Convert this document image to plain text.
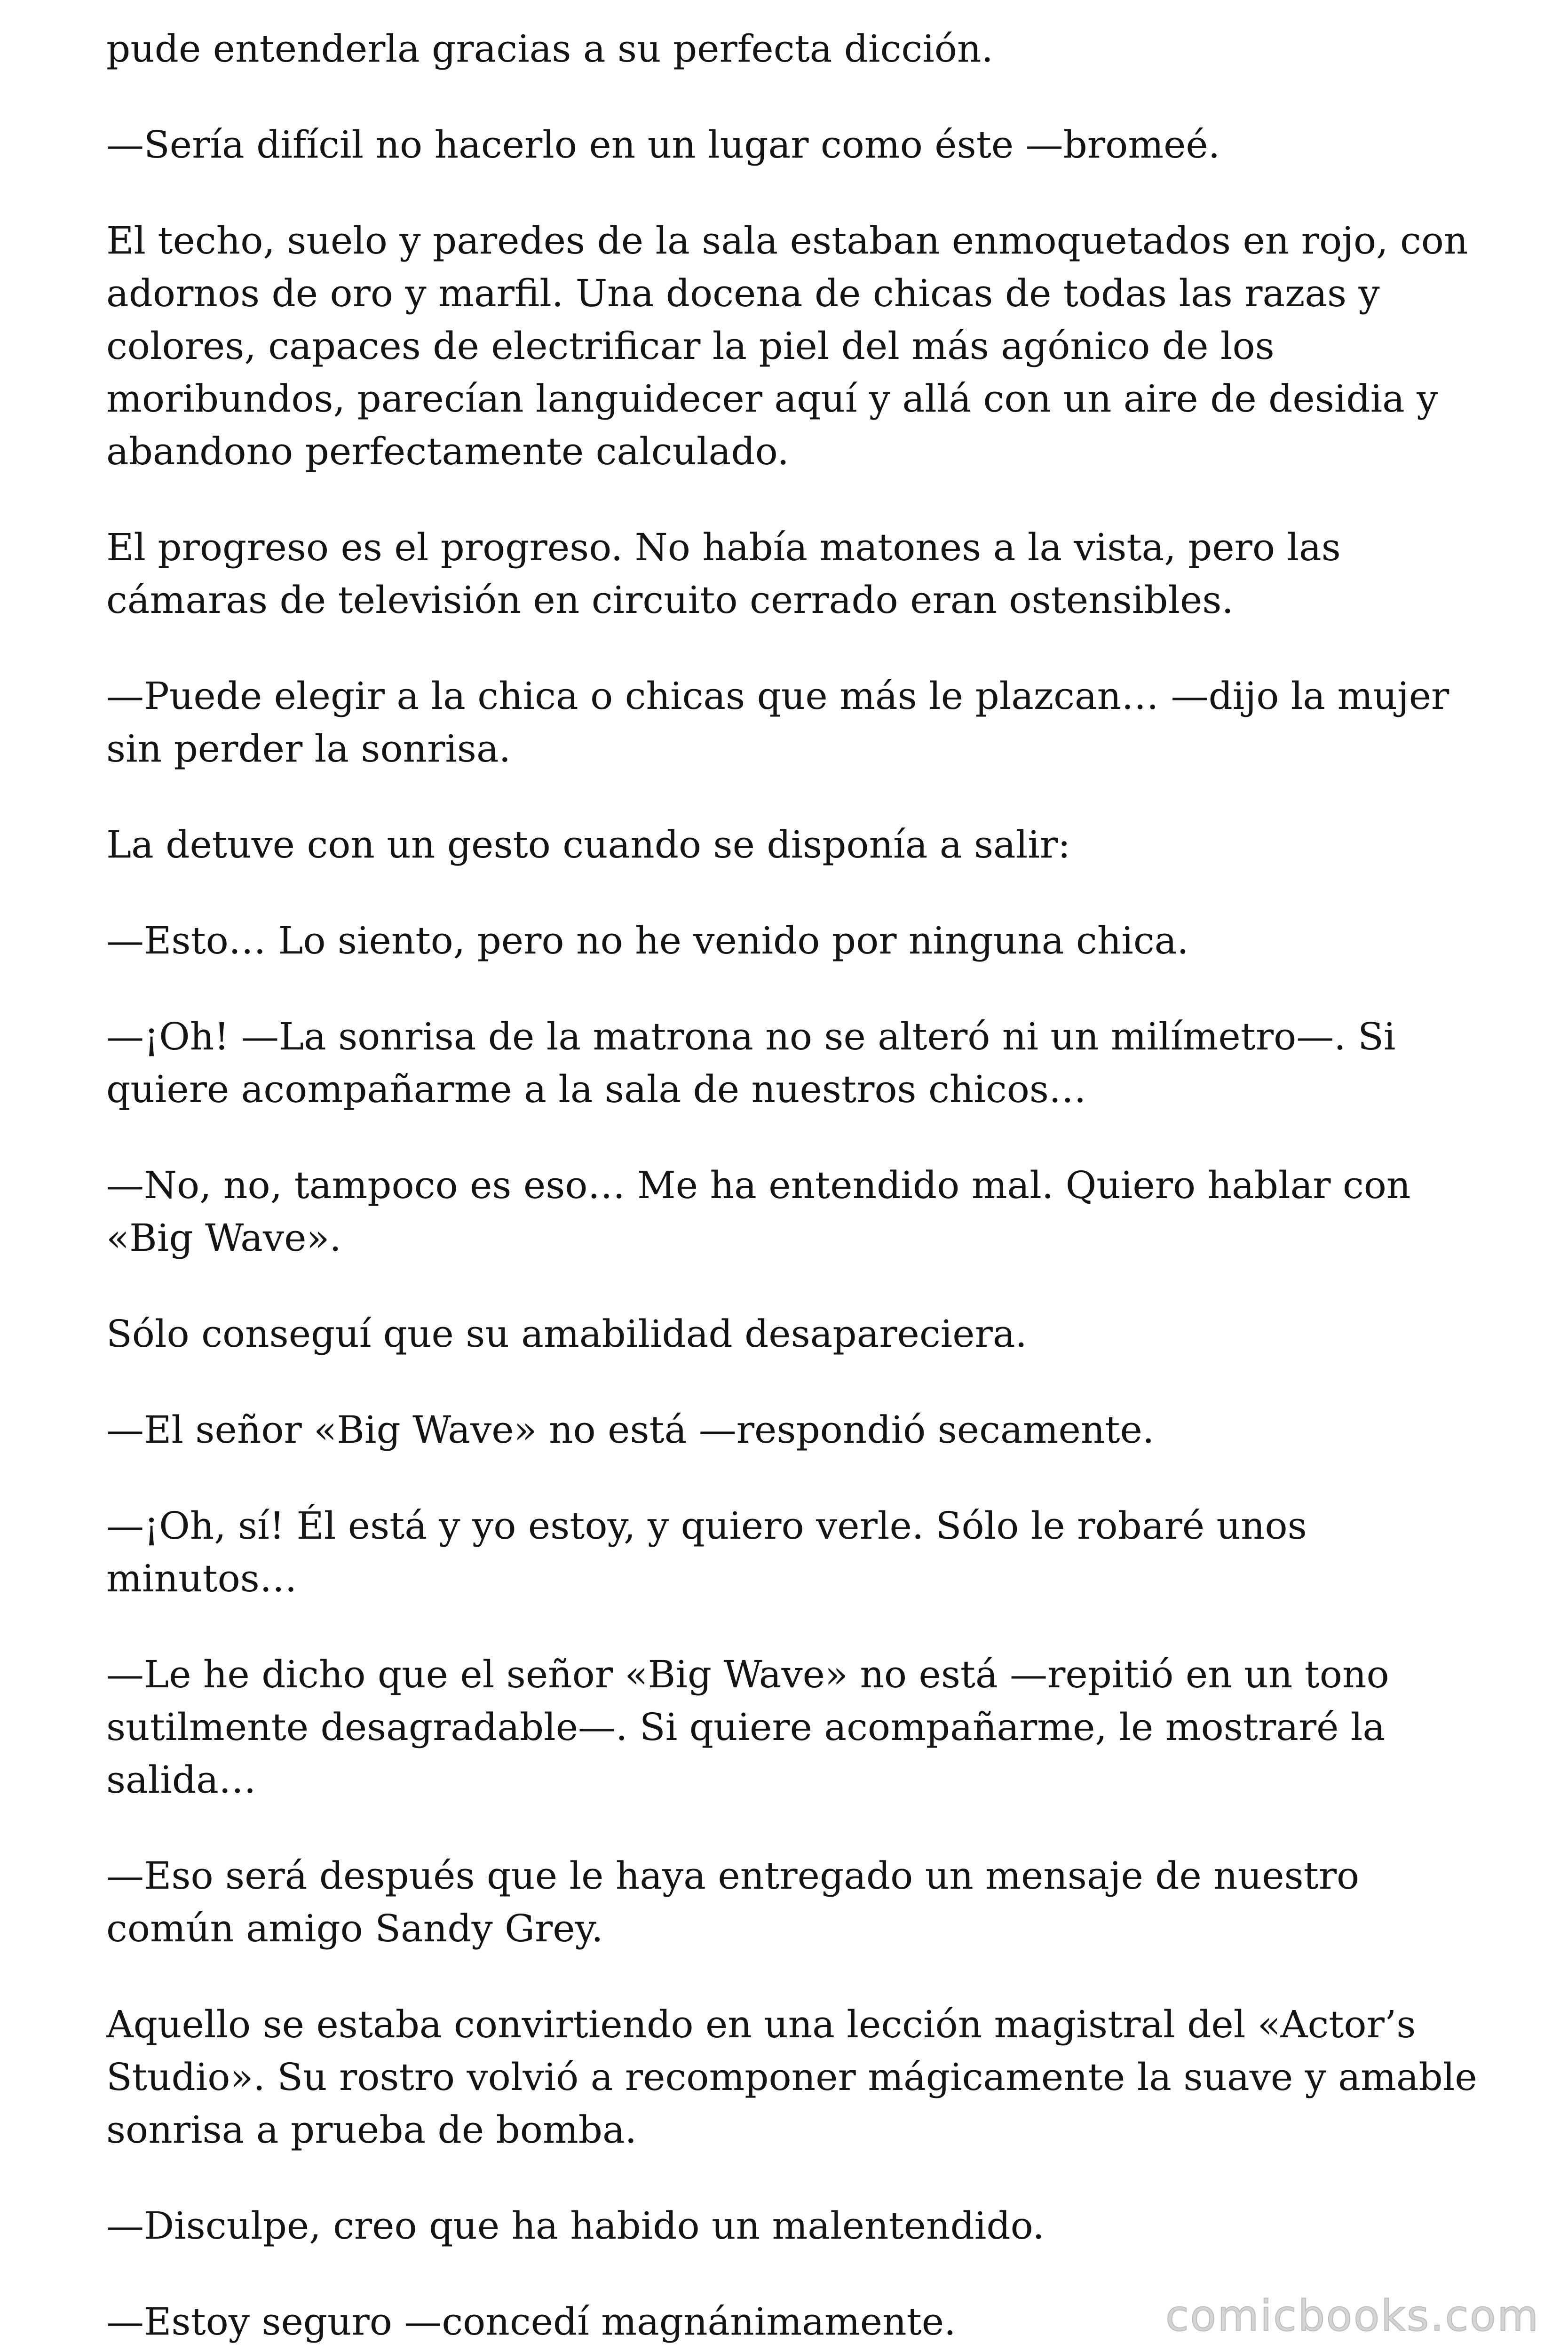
pude entenderla gracias a su perfecta dicción.

—Sería difícil no hacerlo en un lugar como éste —bromeé.

El techo, suelo y paredes de la sala estaban enmoquetados en rojo, con adornos de oro y marfil. Una docena de chicas de todas las razas y colores, capaces de electrificar la piel del más agónico de los moribundos, parecían languidecer aquí y allá con un aire de desidia y abandono perfectamente calculado.

El progreso es el progreso. No había matones a la vista, pero las cámaras de televisión en circuito cerrado eran ostensibles.

—Puede elegir a la chica o chicas que más le plazcan… —dijo la mujer sin perder la sonrisa.

La detuve con un gesto cuando se disponía a salir:

—Esto… Lo siento, pero no he venido por ninguna chica.

—¡Oh! —La sonrisa de la matrona no se alteró ni un milímetro—. Si quiere acompañarme a la sala de nuestros chicos…

—No, no, tampoco es eso… Me ha entendido mal. Quiero hablar con «Big Wave».

Sólo conseguí que su amabilidad desapareciera.

—El señor «Big Wave» no está —respondió secamente.

—¡Oh, sí! Él está y yo estoy, y quiero verle. Sólo le robaré unos minutos…

—Le he dicho que el señor «Big Wave» no está —repitió en un tono sutilmente desagradable—. Si quiere acompañarme, le mostraré la salida…

—Eso será después que le haya entregado un mensaje de nuestro común amigo Sandy Grey.

Aquello se estaba convirtiendo en una lección magistral del «Actor’s Studio». Su rostro volvió a recomponer mágicamente la suave y amable sonrisa a prueba de bomba.

—Disculpe, creo que ha habido un malentendido.

—Estoy seguro —concedí magnánimamente.	comicbooks.com
